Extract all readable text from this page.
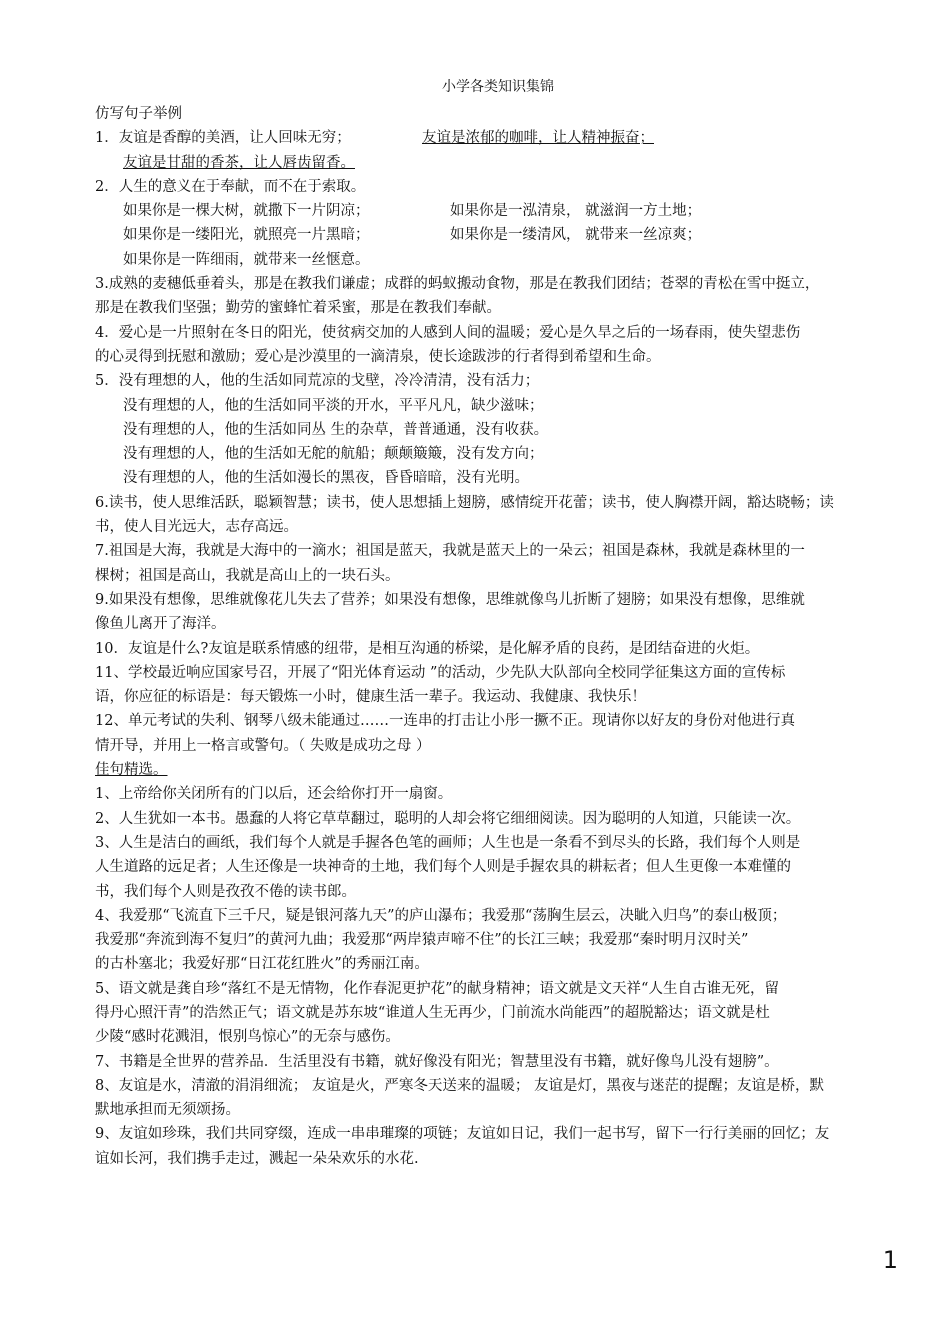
小学各类知识集锦
仿写句子举例
1．友谊是香醇的美酒，让人回味无穷；	友谊是浓郁的咖啡，让人精神振奋；
友谊是甘甜的香茶，让人唇齿留香。
2．人生的意义在于奉献，而不在于索取。
如果你是一棵大树，就撒下一片阴凉；	如果你是一泓清泉， 就滋润一方土地；
如果你是一缕阳光，就照亮一片黑暗；	如果你是一缕清风， 就带来一丝凉爽；
如果你是一阵细雨，就带来一丝惬意。
3.成熟的麦穗低垂着头，那是在教我们谦虚；成群的蚂蚁搬动食物，那是在教我们团结；苍翠的青松在雪中挺立，
那是在教我们坚强；勤劳的蜜蜂忙着采蜜，那是在教我们奉献。
4．爱心是一片照射在冬日的阳光，使贫病交加的人感到人间的温暖；爱心是久旱之后的一场春雨，使失望悲伤
的心灵得到抚慰和激励；爱心是沙漠里的一滴清泉，使长途跋涉的行者得到希望和生命。
5．没有理想的人，他的生活如同荒凉的戈壁，冷冷清清，没有活力；
没有理想的人，他的生活如同平淡的开水，平平凡凡，缺少滋味；
没有理想的人，他的生活如同丛 生的杂草，普普通通，没有收获。
没有理想的人，他的生活如无舵的航船；颠颠簸簸，没有发方向；
没有理想的人，他的生活如漫长的黑夜，昏昏暗暗，没有光明。
6.读书，使人思维活跃，聪颖智慧；读书，使人思想插上翅膀，感情绽开花蕾；读书，使人胸襟开阔，豁达晓畅；读
书，使人目光远大，志存高远。
7.祖国是大海，我就是大海中的一滴水；祖国是蓝天，我就是蓝天上的一朵云；祖国是森林，我就是森林里的一
棵树；祖国是高山，我就是高山上的一块石头。
9.如果没有想像，思维就像花儿失去了营养；如果没有想像，思维就像鸟儿折断了翅膀；如果没有想像，思维就
像鱼儿离开了海洋。
10．友谊是什么?友谊是联系情感的纽带，是相互沟通的桥梁，是化解矛盾的良药，是团结奋进的火炬。
11、学校最近响应国家号召，开展了“阳光体育运动 ”的活动，少先队大队部向全校同学征集这方面的宣传标
语，你应征的标语是：每天锻炼一小时，健康生活一辈子。我运动、我健康、我快乐！
12、单元考试的失利、钢琴八级未能通过……一连串的打击让小彤一撅不正。现请你以好友的身份对他进行真
情开导，并用上一格言或警句。（ 失败是成功之母 ）
佳句精选。
1、上帝给你关闭所有的门以后，还会给你打开一扇窗。
2、人生犹如一本书。愚蠢的人将它草草翻过，聪明的人却会将它细细阅读。因为聪明的人知道，只能读一次。
3、人生是洁白的画纸，我们每个人就是手握各色笔的画师；人生也是一条看不到尽头的长路，我们每个人则是
人生道路的远足者；人生还像是一块神奇的土地，我们每个人则是手握农具的耕耘者；但人生更像一本难懂的
书，我们每个人则是孜孜不倦的读书郎。
4、我爱那“飞流直下三千尺，疑是银河落九天”的庐山瀑布；我爱那“荡胸生层云，决眦入归鸟”的泰山极顶；
我爱那“奔流到海不复归”的黄河九曲；我爱那“两岸猿声啼不住”的长江三峡；我爱那“秦时明月汉时关”
的古朴塞北；我爱好那“日江花红胜火”的秀丽江南。
5、语文就是龚自珍“落红不是无情物，化作春泥更护花”的献身精神；语文就是文天祥“人生自古谁无死，留
得丹心照汗青”的浩然正气；语文就是苏东坡“谁道人生无再少，门前流水尚能西”的超脱豁达；语文就是杜
少陵“感时花溅泪，恨别鸟惊心”的无奈与感伤。
7、书籍是全世界的营养品．生活里没有书籍，就好像没有阳光；智慧里没有书籍，就好像鸟儿没有翅膀”。
8、友谊是水，清澈的涓涓细流； 友谊是火，严寒冬天送来的温暖； 友谊是灯，黑夜与迷茫的提醒；友谊是桥，默
默地承担而无须颂扬。
9、友谊如珍珠，我们共同穿缀，连成一串串璀璨的项链；友谊如日记，我们一起书写，留下一行行美丽的回忆；友
谊如长河，我们携手走过，溅起一朵朵欢乐的水花.
1
